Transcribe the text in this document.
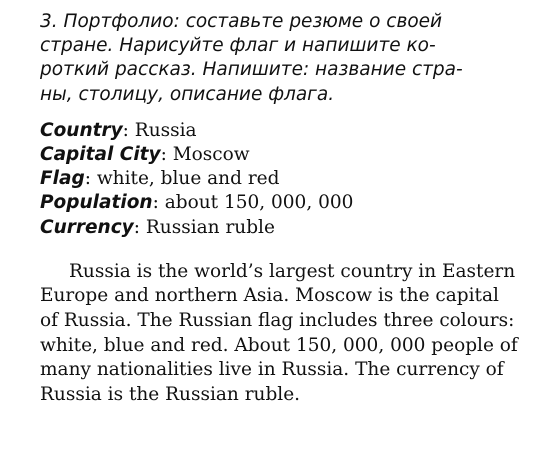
3. Портфолио: составьте резюме о своей
стране. Нарисуйте флаг и напишите ко-
роткий рассказ. Напишите: название стра-
ны, столицу, описание флага.
Country: Russia
Capital City: Moscow
Flag: white, blue and red
Population: about 150, 000, 000
Currency: Russian ruble
Russia is the world’s largest country in Eastern
Europe and northern Asia. Moscow is the capital
of Russia. The Russian flag includes three colours:
white, blue and red. About 150, 000, 000 people of
many nationalities live in Russia. The currency of
Russia is the Russian ruble.
